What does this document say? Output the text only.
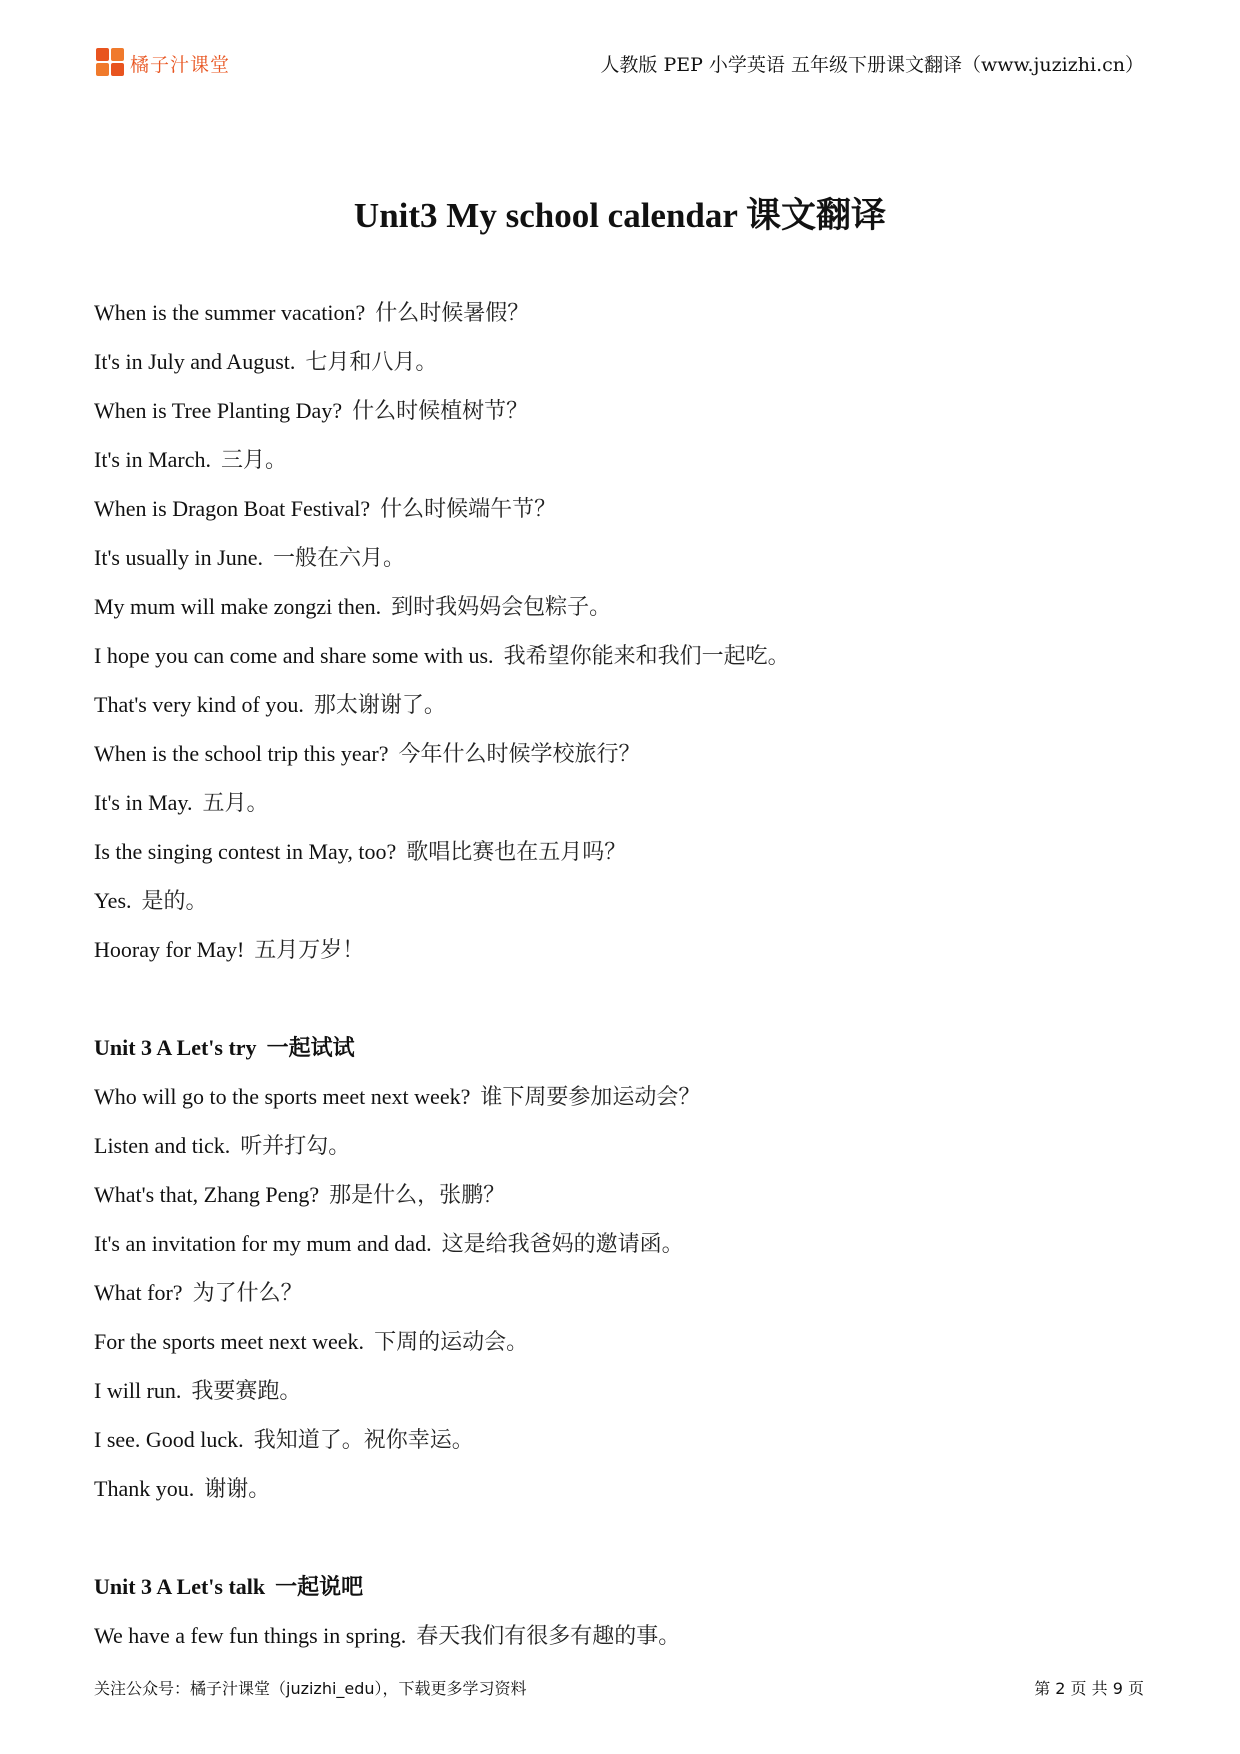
橘子汁课堂	人教版 PEP 小学英语 五年级下册课文翻译（www.juzizhi.cn）
Unit3 My school calendar 课文翻译
When is the summer vacation? 什么时候暑假？
It's in July and August. 七月和八月。
When is Tree Planting Day? 什么时候植树节？
It's in March. 三月。
When is Dragon Boat Festival? 什么时候端午节？
It's usually in June. 一般在六月。
My mum will make zongzi then. 到时我妈妈会包粽子。
I hope you can come and share some with us. 我希望你能来和我们一起吃。
That's very kind of you. 那太谢谢了。
When is the school trip this year? 今年什么时候学校旅行？
It's in May. 五月。
Is the singing contest in May, too? 歌唱比赛也在五月吗？
Yes. 是的。
Hooray for May! 五月万岁！
Unit 3 A Let's try 一起试试
Who will go to the sports meet next week? 谁下周要参加运动会？
Listen and tick. 听并打勾。
What's that, Zhang Peng? 那是什么，张鹏？
It's an invitation for my mum and dad. 这是给我爸妈的邀请函。
What for? 为了什么？
For the sports meet next week. 下周的运动会。
I will run. 我要赛跑。
I see. Good luck. 我知道了。祝你幸运。
Thank you. 谢谢。
Unit 3 A Let's talk 一起说吧
We have a few fun things in spring. 春天我们有很多有趣的事。
关注公众号：橘子汁课堂（juzizhi_edu），下载更多学习资料	第 2 页 共 9 页
